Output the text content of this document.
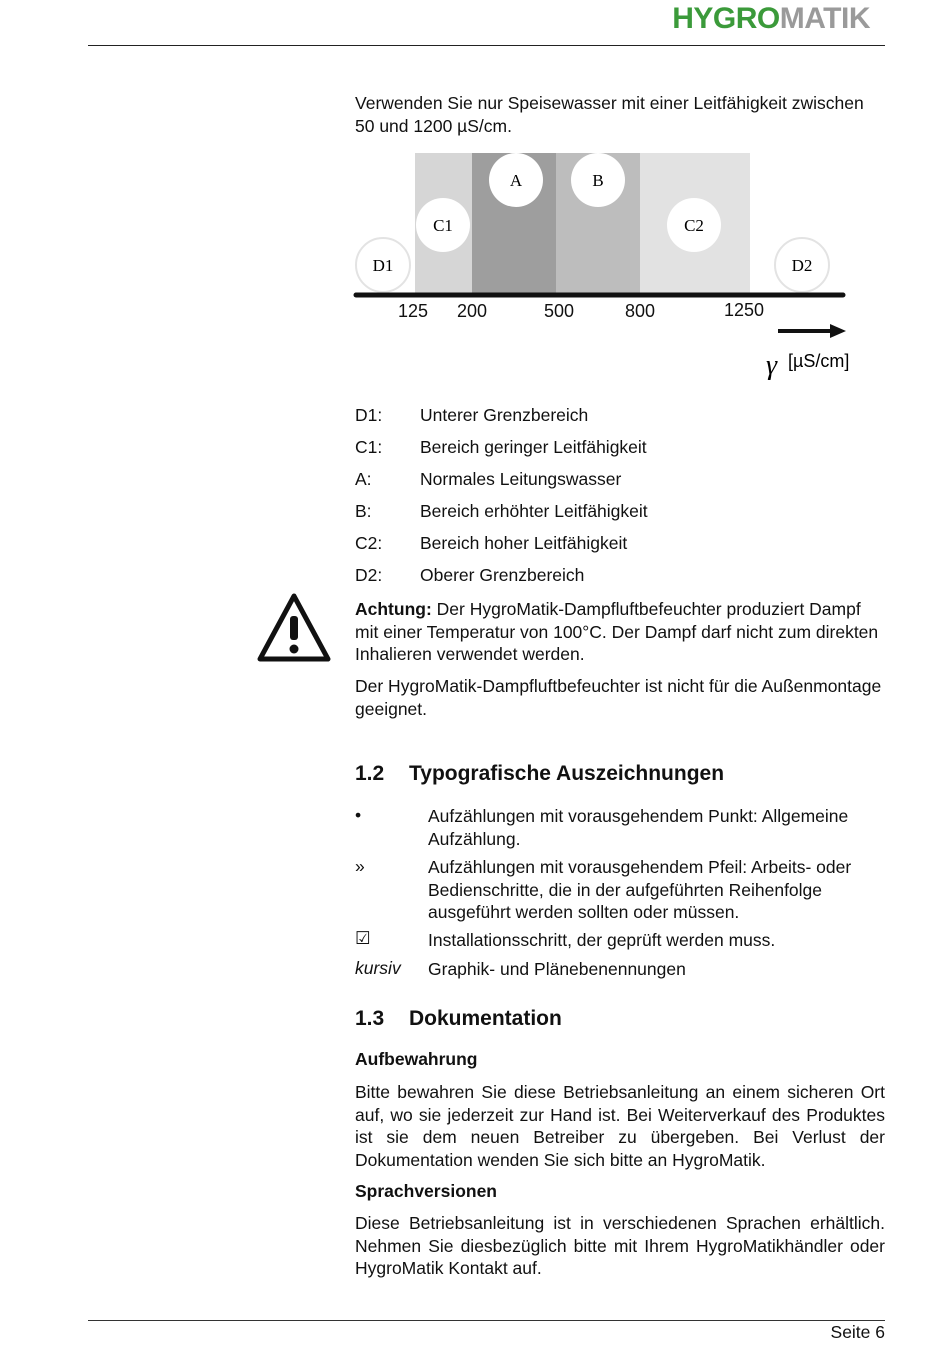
HYGROMATIK
Verwenden Sie nur Speisewasser mit einer Leitfähigkeit zwischen 50 und 1200 µS/cm.
A	B
C1	C2
D1	D2
125 200	500	800	1250
γ [µS/cm]
D1: Unterer Grenzbereich
C1: Bereich geringer Leitfähigkeit
A:	Normales Leitungswasser
B:	Bereich erhöhter Leitfähigkeit
C2: Bereich hoher Leitfähigkeit
D2: Oberer Grenzbereich
Achtung: Der HygroMatik-Dampfluftbefeuchter produziert Dampf mit einer Temperatur von 100°C. Der Dampf darf nicht zum direkten Inhalieren verwendet werden.
Der HygroMatik-Dampfluftbefeuchter ist nicht für die Außenmontage geeignet.
1.2 Typografische Auszeichnungen
•	Aufzählungen mit vorausgehendem Punkt: Allgemeine Aufzählung.
»	Aufzählungen mit vorausgehendem Pfeil: Arbeits- oder Bedienschritte, die in der aufgeführten Reihenfolge ausgeführt werden sollten oder müssen.
☑	Installationsschritt, der geprüft werden muss.
kursiv Graphik- und Plänebenennungen
1.3 Dokumentation
Aufbewahrung
Bitte bewahren Sie diese Betriebsanleitung an einem sicheren Ort auf, wo sie jederzeit zur Hand ist. Bei Weiterverkauf des Produktes ist sie dem neuen Betreiber zu übergeben. Bei Verlust der Dokumentation wenden Sie sich bitte an HygroMatik.
Sprachversionen
Diese Betriebsanleitung ist in verschiedenen Sprachen erhältlich. Nehmen Sie diesbezüglich bitte mit Ihrem HygroMatikhändler oder HygroMatik Kontakt auf.
Seite 6
